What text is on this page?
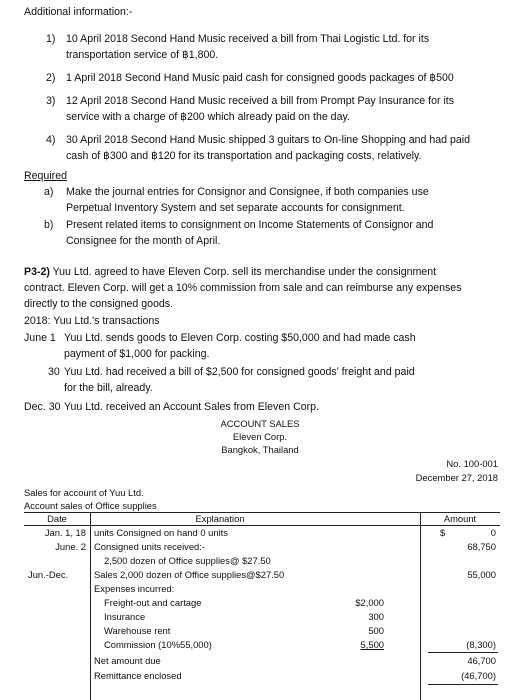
Additional information:-
1) 10 April 2018 Second Hand Music received a bill from Thai Logistic Ltd. for its
transportation service of ฿1,800.
2) 1 April 2018 Second Hand Music paid cash for consigned goods packages of ฿500
3) 12 April 2018 Second Hand Music received a bill from Prompt Pay Insurance for its
service with a charge of ฿200 which already paid on the day.
4) 30 April 2018 Second Hand Music shipped 3 guitars to On-line Shopping and had paid
cash of ฿300 and ฿120 for its transportation and packaging costs, relatively.
Required
a) Make the journal entries for Consignor and Consignee, if both companies use
Perpetual Inventory System and set separate accounts for consignment.
b) Present related items to consignment on Income Statements of Consignor and
Consignee for the month of April.
P3-2) Yuu Ltd. agreed to have Eleven Corp. sell its merchandise under the consignment
contract. Eleven Corp. will get a 10% commission from sale and can reimburse any expenses
directly to the consigned goods.
2018: Yuu Ltd.'s transactions
June 1 Yuu Ltd. sends goods to Eleven Corp. costing $50,000 and had made cash
payment of $1,000 for packing.
30 Yuu Ltd. had received a bill of $2,500 for consigned goods' freight and paid
for the bill, already.
Dec. 30 Yuu Ltd. received an Account Sales from Eleven Corp.
ACCOUNT SALES
Eleven Corp.
Bangkok, Thailand
No. 100-001
December 27, 2018
Sales for account of Yuu Ltd.
Account sales of Office supplies
Date	Explanation	Amount
$
Jan. 1, 18 units Consigned on hand 0 units	0
June. 2 Consigned units received:-	68,750
2,500 dozen of Office supplies@ $27.50
Jun.-Dec.	Sales 2,000 dozen of Office supplies@$27.50	55,000
Expenses incurred:
Freight-out and cartage	$2,000
Insurance	300
Warehouse rent	500
Commission (10%55,000)	5,500	(8,300)
Net amount due	46,700
Remittance enclosed	(46,700)
